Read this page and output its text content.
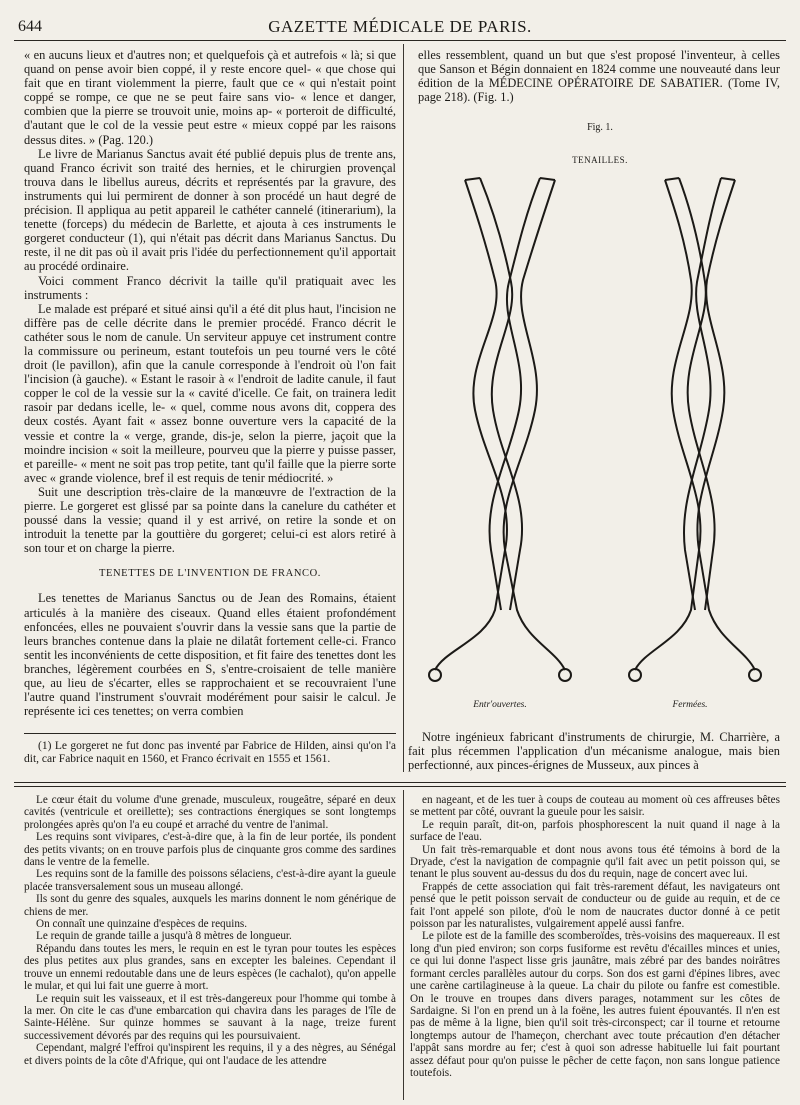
644	GAZETTE MÉDICALE DE PARIS.

« en aucuns lieux et d'autres non; et quelquefois çà et autrefois « là; si que quand on pense avoir bien coppé, il y reste encore quel- « que chose qui fait que en tirant violemment la pierre, fault que ce « qui n'estait point coppé se rompe, ce que ne se peut faire sans vio- « lence et danger, combien que la pierre se trouvoit unie, moins ap- « porteroit de difficulté, d'autant que le col de la vessie peut estre « mieux coppé par les raisons dessus dites. » (Pag. 120.)

Le livre de Marianus Sanctus avait été publié depuis plus de trente ans, quand Franco écrivit son traité des hernies, et le chirurgien provençal trouva dans le libellus aureus, décrits et représentés par la gravure, des instruments qui lui permirent de donner à son procédé un haut degré de précision. Il appliqua au petit appareil le cathéter cannelé (itinerarium), la tenette (forceps) du médecin de Barlette, et ajouta à ces instruments le gorgeret conducteur (1), qui n'était pas décrit dans Marianus Sanctus. Du reste, il ne dit pas où il avait pris l'idée du perfectionnement qu'il apportait au procédé ordinaire.

Voici comment Franco décrivit la taille qu'il pratiquait avec les instruments :

Le malade est préparé et situé ainsi qu'il a été dit plus haut, l'incision ne diffère pas de celle décrite dans le premier procédé. Franco décrit le cathéter sous le nom de canule. Un serviteur appuye cet instrument contre la commissure ou perineum, estant toutefois un peu tourné vers le côté droit (le pavillon), afin que la canule corresponde à l'endroit où l'on fait l'incision (à gauche). « Estant le rasoir à « l'endroit de ladite canule, il faut copper le col de la vessie sur la « cavité d'icelle. Ce fait, on trainera ledit rasoir par dedans icelle, le- « quel, comme nous avons dit, coppera des deux costés. Ayant fait « assez bonne ouverture vers la capacité de la vessie et contre la « verge, grande, dis-je, selon la pierre, jaçoit que la moindre incision « soit la meilleure, pourveu que la pierre y puisse passer, et pareille- « ment ne soit pas trop petite, tant qu'il faille que la pierre sorte avec « grande violence, bref il est requis de tenir médiocrité. »

Suit une description très-claire de la manœuvre de l'extraction de la pierre. Le gorgeret est glissé par sa pointe dans la canelure du cathéter et poussé dans la vessie; quand il y est arrivé, on retire la sonde et on introduit la tenette par la gouttière du gorgeret; celui-ci est alors retiré à son tour et on charge la pierre.

TENETTES DE L'INVENTION DE FRANCO.

Les tenettes de Marianus Sanctus ou de Jean des Romains, étaient articulés à la manière des ciseaux. Quand elles étaient profondément enfoncées, elles ne pouvaient s'ouvrir dans la vessie sans que la partie de leurs branches contenue dans la plaie ne dilatât fortement celle-ci. Franco sentit les inconvénients de cette disposition, et fit faire des tenettes dont les branches, légèrement courbées en S, s'entre-croisaient de telle manière que, au lieu de s'écarter, elles se rapprochaient et se recouvraient l'une l'autre quand l'instrument s'ouvrait modérément pour saisir le calcul. Je représente ici ces tenettes; on verra combien

elles ressemblent, quand un but que s'est proposé l'inventeur, à celles que Sanson et Bégin donnaient en 1824 comme une nouveauté dans leur édition de la MÉDECINE OPÉRATOIRE DE SABATIER. (Tome IV, page 218). (Fig. 1.)

Fig. 1.
TENAILLES.
Entr'ouvertes.	Fermées.

(1) Le gorgeret ne fut donc pas inventé par Fabrice de Hilden, ainsi qu'on l'a dit, car Fabrice naquit en 1560, et Franco écrivait en 1555 et 1561.

Notre ingénieux fabricant d'instruments de chirurgie, M. Charrière, a fait plus récemmen l'application d'un mécanisme analogue, mais bien perfectionné, aux pinces-érignes de Musseux, aux pinces à

Le cœur était du volume d'une grenade, musculeux, rougeâtre, séparé en deux cavités (ventricule et oreillette); ses contractions énergiques se sont longtemps prolongées après qu'on l'a eu coupé et arraché du ventre de l'animal.

Les requins sont vivipares, c'est-à-dire que, à la fin de leur portée, ils pondent des petits vivants; on en trouve parfois plus de cinquante gros comme des sardines dans le ventre de la femelle.

Les requins sont de la famille des poissons sélaciens, c'est-à-dire ayant la gueule placée transversalement sous un museau allongé.

Ils sont du genre des squales, auxquels les marins donnent le nom générique de chiens de mer.

On connaît une quinzaine d'espèces de requins.

Le requin de grande taille a jusqu'à 8 mètres de longueur.

Répandu dans toutes les mers, le requin en est le tyran pour toutes les espèces des plus petites aux plus grandes, sans en excepter les baleines. Cependant il trouve un ennemi redoutable dans une de leurs espèces (le cachalot), qu'on appelle le mular, et qui lui fait une guerre à mort.

Le requin suit les vaisseaux, et il est très-dangereux pour l'homme qui tombe à la mer. On cite le cas d'une embarcation qui chavira dans les parages de l'île de Sainte-Hélène. Sur quinze hommes se sauvant à la nage, treize furent successivement dévorés par des requins qui les poursuivaient.

Cependant, malgré l'effroi qu'inspirent les requins, il y a des nègres, au Sénégal et divers points de la côte d'Afrique, qui ont l'audace de les attendre

en nageant, et de les tuer à coups de couteau au moment où ces affreuses bêtes se mettent par côté, ouvrant la gueule pour les saisir.

Le requin paraît, dit-on, parfois phosphorescent la nuit quand il nage à la surface de l'eau.

Un fait très-remarquable et dont nous avons tous été témoins à bord de la Dryade, c'est la navigation de compagnie qu'il fait avec un petit poisson qui, se tenant le plus souvent au-dessus du dos du requin, nage de concert avec lui.

Frappés de cette association qui fait très-rarement défaut, les navigateurs ont pensé que le petit poisson servait de conducteur ou de guide au requin, et de ce fait l'ont appelé son pilote, d'où le nom de naucrates ductor donné à ce petit poisson par les naturalistes, vulgairement appelé aussi fanfre.

Le pilote est de la famille des scomberoïdes, très-voisins des maquereaux. Il est long d'un pied environ; son corps fusiforme est revêtu d'écailles minces et unies, ce qui lui donne l'aspect lisse gris jaunâtre, mais zébré par des bandes noirâtres formant cercles parallèles autour du corps. Son dos est garni d'épines libres, avec une carène cartilagineuse à la queue. La chair du pilote ou fanfre est comestible. On le trouve en troupes dans divers parages, notamment sur les côtes de Sardaigne. Si l'on en prend un à la foëne, les autres fuient épouvantés. Il n'en est pas de même à la ligne, bien qu'il soit très-circonspect; car il tourne et retourne longtemps autour de l'hameçon, cherchant avec toute précaution d'en détacher l'appât sans mordre au fer; c'est à quoi son adresse habituelle lui fait pourtant assez défaut pour qu'on puisse le pêcher de cette façon, non sans longue patience toutefois.
